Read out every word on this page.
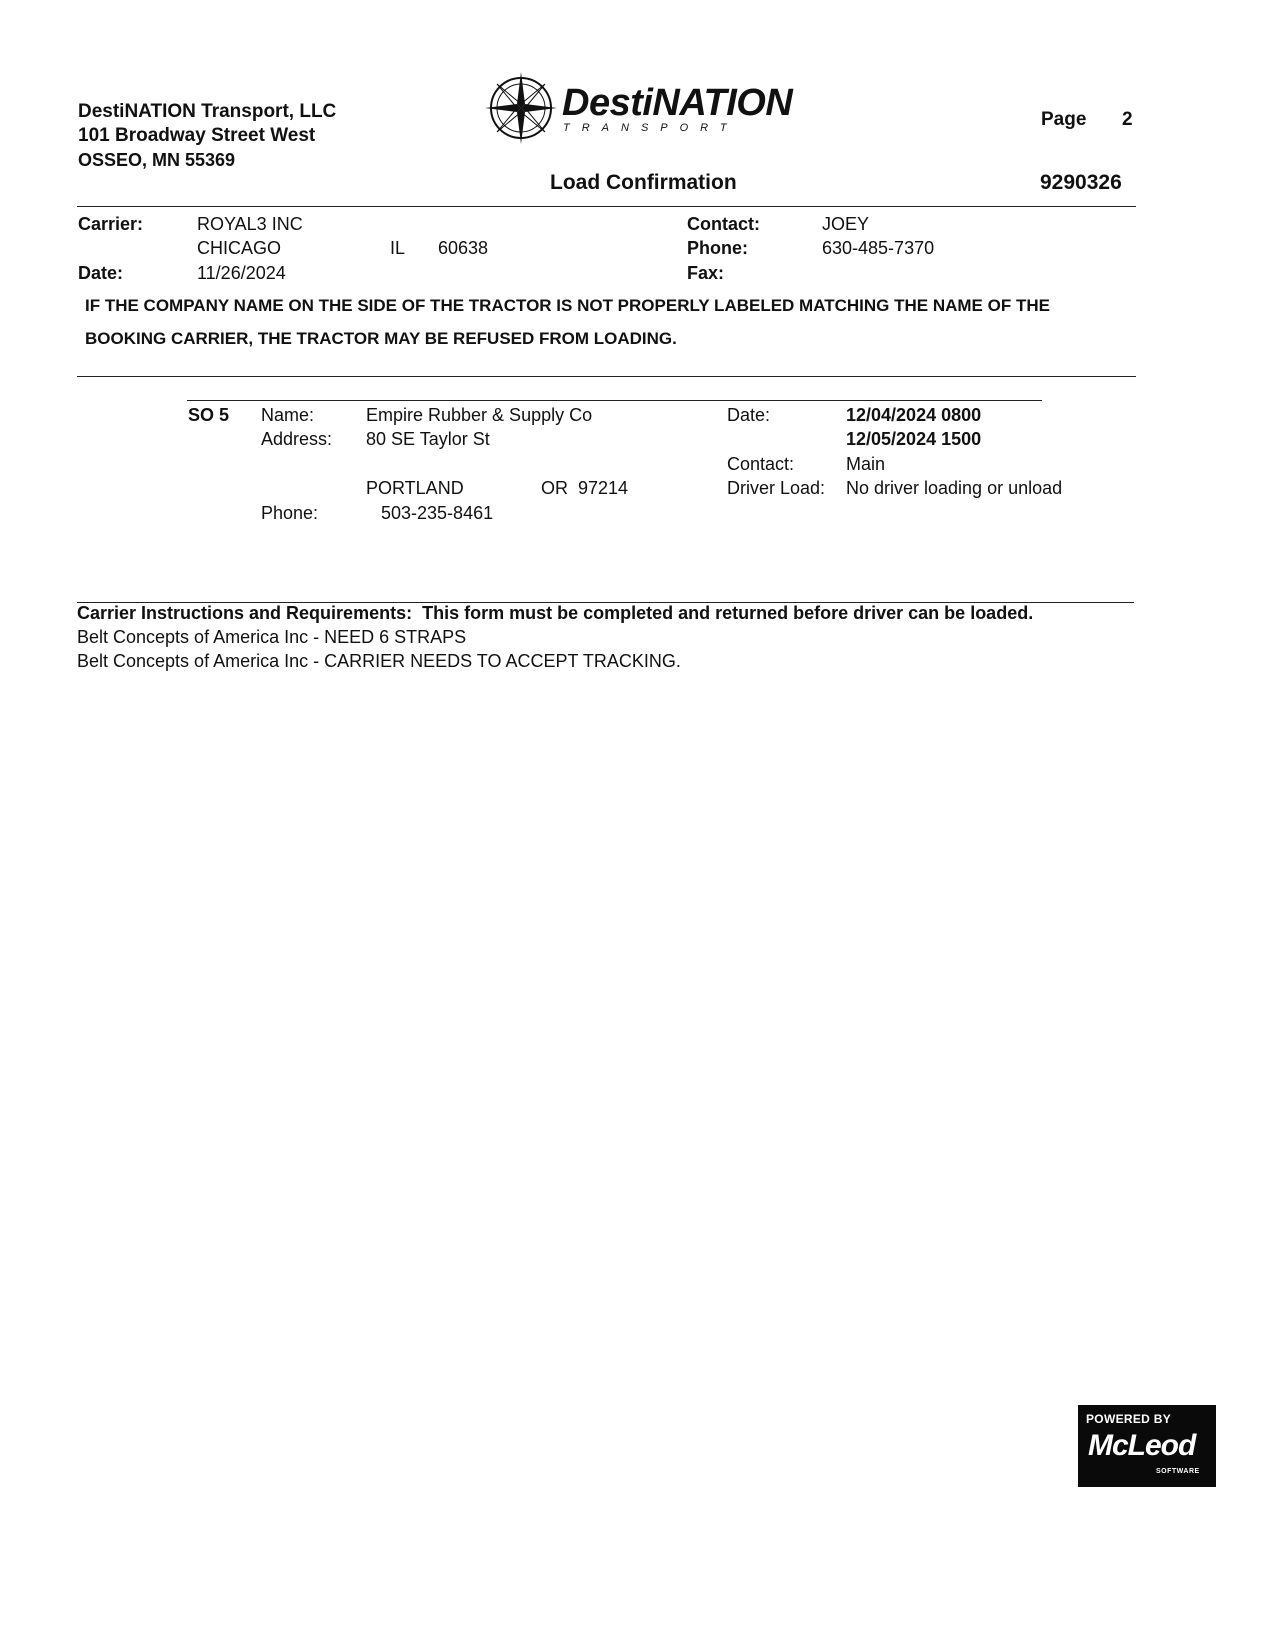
DestiNATION Transport, LLC
101 Broadway Street West
OSSEO, MN 55369
DestiNATION
TRANSPORT	Page 2
Load Confirmation	9290326
Carrier:	ROYAL3 INC
CHICAGO	IL 60638
Date:	11/26/2024
Contact:	JOEY
Phone:	630-485-7370
Fax:
IF THE COMPANY NAME ON THE SIDE OF THE TRACTOR IS NOT PROPERLY LABELED MATCHING THE NAME OF THE
BOOKING CARRIER, THE TRACTOR MAY BE REFUSED FROM LOADING.
SO 5 Name:	Empire Rubber & Supply Co
Address: 80 SE Taylor St
PORTLAND	OR  97214
Phone:	503-235-8461
Date:	12/04/2024 0800
12/05/2024 1500
Contact:	Main
Driver Load: No driver loading or unload
Carrier Instructions and Requirements:  This form must be completed and returned before driver can be loaded.
Belt Concepts of America Inc - NEED 6 STRAPS
Belt Concepts of America Inc - CARRIER NEEDS TO ACCEPT TRACKING.
POWERED BY
McLeod
SOFTWARE
